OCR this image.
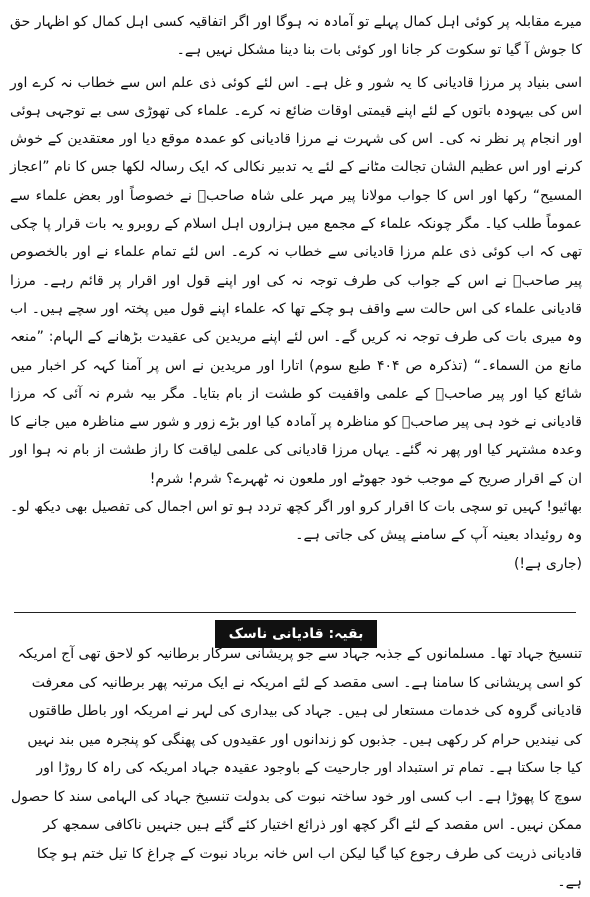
میرے مقابلہ پر کوئی اہل کمال پہلے تو آمادہ نہ ہوگا اور اگر اتفاقیہ کسی اہل کمال کو اظہار حق کا جوش آ گیا تو سکوت کر جانا اور کوئی بات بنا دینا مشکل نہیں ہے۔

اسی بنیاد پر مرزا قادیانی کا یہ شور و غل ہے۔ اس لئے کوئی ذی علم اس سے خطاب نہ کرے اور اس کی بیہودہ باتوں کے لئے اپنے قیمتی اوقات ضائع نہ کرے۔ علماء کی تھوڑی سی بے توجہی ہوئی اور انجام پر نظر نہ کی۔ اس کی شہرت نے مرزا قادیانی کو عمدہ موقع دیا اور معتقدین کے خوش کرنے اور اس عظیم الشان تجالت مٹانے کے لئے یہ تدبیر نکالی کہ ایک رسالہ لکھا جس کا نام ”اعجاز المسیح“ رکھا اور اس کا جواب مولانا پیر مہر علی شاہ صاحبؒ نے خصوصاً اور بعض علماء سے عموماً طلب کیا۔ مگر چونکہ علماء کے مجمع میں ہزاروں اہل اسلام کے روبرو یہ بات قرار پا چکی تھی کہ اب کوئی ذی علم مرزا قادیانی سے خطاب نہ کرے۔ اس لئے تمام علماء نے اور بالخصوص پیر صاحبؒ نے اس کے جواب کی طرف توجہ نہ کی اور اپنے قول اور اقرار پر قائم رہے۔ مرزا قادیانی علماء کی اس حالت سے واقف ہو چکے تھا کہ علماء اپنے قول میں پختہ اور سچے ہیں۔ اب وہ میری بات کی طرف توجہ نہ کریں گے۔ اس لئے اپنے مریدین کی عقیدت بڑھانے کے الہام: ”منعہ مانع من السماء۔“ (تذکرہ ص ۴۰۴ طبع سوم) اتارا اور مریدین نے اس پر آمنا کہہ کر اخبار میں شائع کیا اور پیر صاحبؒ کے علمی واقفیت کو طشت از بام بتایا۔ مگر بیہ شرم نہ آئی کہ مرزا قادیانی نے خود ہی پیر صاحبؒ کو مناظرہ پر آمادہ کیا اور بڑے زور و شور سے مناظرہ میں جانے کا وعدہ مشتہر کیا اور پھر نہ گئے۔ یہاں مرزا قادیانی کی علمی لیاقت کا راز طشت از بام نہ ہوا اور ان کے اقرار صریح کے موجب خود جھوٹے اور ملعون نہ ٹھہرے؟ شرم! شرم!

بھائیو! کہیں تو سچی بات کا اقرار کرو اور اگر کچھ تردد ہو تو اس اجمال کی تفصیل بھی دیکھ لو۔ وہ روئیداد بعینہ آپ کے سامنے پیش کی جاتی ہے۔

(جاری ہے!)

بقیہ: قادیانی ناسک

تنسیخ جہاد تھا۔ مسلمانوں کے جذبہ جہاد سے جو پریشانی سرکار برطانیہ کو لاحق تھی آج امریکہ کو اسی پریشانی کا سامنا ہے۔ اسی مقصد کے لئے امریکہ نے ایک مرتبہ پھر برطانیہ کی معرفت قادیانی گروہ کی خدمات مستعار لی ہیں۔ جہاد کی بیداری کی لہر نے امریکہ اور باطل طاقتوں کی نیندیں حرام کر رکھی ہیں۔ جذبوں کو زندانوں اور عقیدوں کی پھنگی کو پنجرہ میں بند نہیں کیا جا سکتا ہے۔ تمام تر استبداد اور جارحیت کے باوجود عقیدہ جہاد امریکہ کی راہ کا روڑا اور سوچ کا پھوڑا ہے۔ اب کسی اور خود ساختہ نبوت کی بدولت تنسیخ جہاد کی الہامی سند کا حصول ممکن نہیں۔ اس مقصد کے لئے اگر کچھ اور ذرائع اختیار کئے گئے ہیں جنہیں ناکافی سمجھ کر قادیانی ذریت کی طرف رجوع کیا گیا لیکن اب اس خانہ برباد نبوت کے چراغ کا تیل ختم ہو چکا ہے۔
